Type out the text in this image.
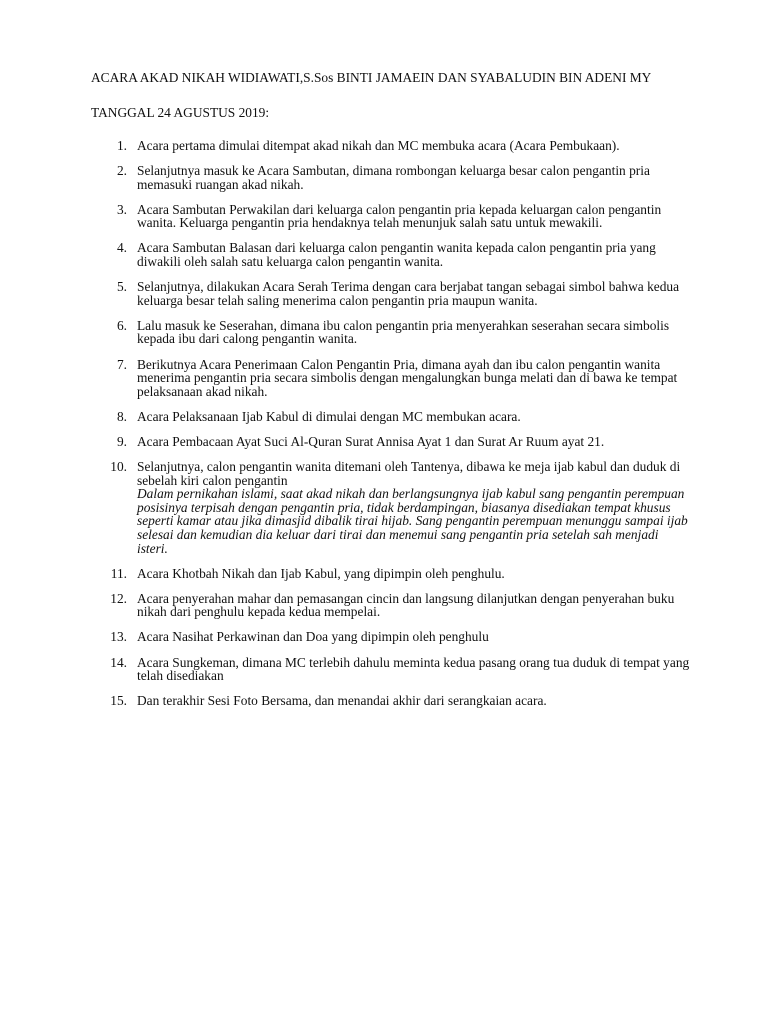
ACARA AKAD NIKAH WIDIAWATI,S.Sos BINTI JAMAEIN DAN SYABALUDIN BIN ADENI MY

TANGGAL 24 AGUSTUS 2019:

1. Acara pertama dimulai ditempat akad nikah dan MC membuka acara (Acara Pembukaan).
2. Selanjutnya masuk ke Acara Sambutan, dimana rombongan keluarga besar calon pengantin pria memasuki ruangan akad nikah.
3. Acara Sambutan Perwakilan dari keluarga calon pengantin pria kepada keluargan calon pengantin wanita. Keluarga pengantin pria hendaknya telah menunjuk salah satu untuk mewakili.
4. Acara Sambutan Balasan dari keluarga calon pengantin wanita kepada calon pengantin pria yang diwakili oleh salah satu keluarga calon pengantin wanita.
5. Selanjutnya, dilakukan Acara Serah Terima dengan cara berjabat tangan sebagai simbol bahwa kedua keluarga besar telah saling menerima calon pengantin pria maupun wanita.
6. Lalu masuk ke Seserahan, dimana ibu calon pengantin pria menyerahkan seserahan secara simbolis kepada ibu dari calong pengantin wanita.
7. Berikutnya Acara Penerimaan Calon Pengantin Pria, dimana ayah dan ibu calon pengantin wanita menerima pengantin pria secara simbolis dengan mengalungkan bunga melati dan di bawa ke tempat pelaksanaan akad nikah.
8. Acara Pelaksanaan Ijab Kabul di dimulai dengan MC membukan acara.
9. Acara Pembacaan Ayat Suci Al-Quran Surat Annisa Ayat 1 dan Surat Ar Ruum ayat 21.
10. Selanjutnya, calon pengantin wanita ditemani oleh Tantenya, dibawa ke meja ijab kabul dan duduk di sebelah kiri calon pengantin
Dalam pernikahan islami, saat akad nikah dan berlangsungnya ijab kabul sang pengantin perempuan posisinya terpisah dengan pengantin pria, tidak berdampingan, biasanya disediakan tempat khusus seperti kamar atau jika dimasjid dibalik tirai hijab. Sang pengantin perempuan menunggu sampai ijab selesai dan kemudian dia keluar dari tirai dan menemui sang pengantin pria setelah sah menjadi isteri.
11. Acara Khotbah Nikah dan Ijab Kabul, yang dipimpin oleh penghulu.
12. Acara penyerahan mahar dan pemasangan cincin dan langsung dilanjutkan dengan penyerahan buku nikah dari penghulu kepada kedua mempelai.
13. Acara Nasihat Perkawinan dan Doa yang dipimpin oleh penghulu
14. Acara Sungkeman, dimana MC terlebih dahulu meminta kedua pasang orang tua duduk di tempat yang telah disediakan
15. Dan terakhir Sesi Foto Bersama, dan menandai akhir dari serangkaian acara.
